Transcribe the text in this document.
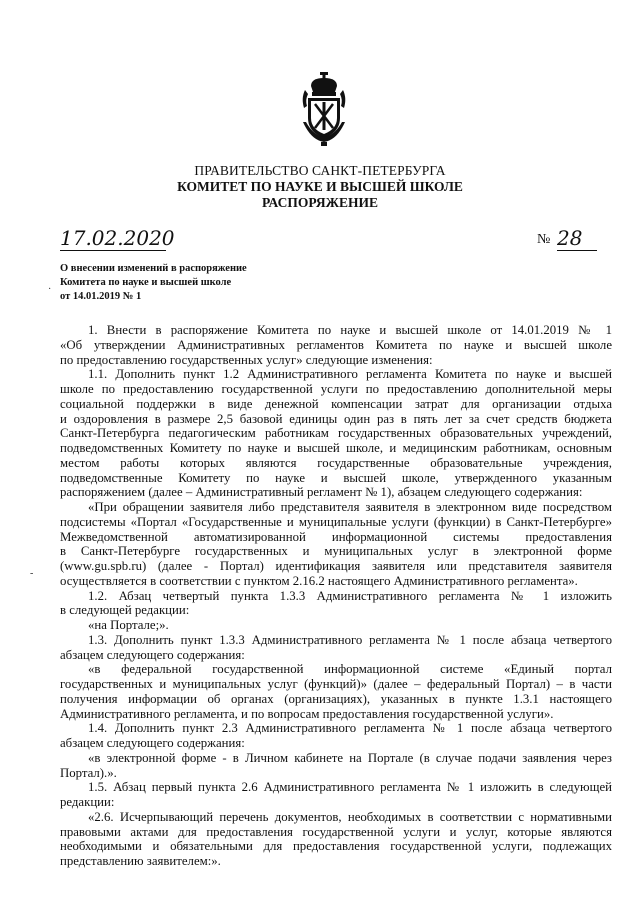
ПРАВИТЕЛЬСТВО САНКТ-ПЕТЕРБУРГА
КОМИТЕТ ПО НАУКЕ И ВЫСШЕЙ ШКОЛЕ
РАСПОРЯЖЕНИЕ
17.02.2020	№ 28
О внесении изменений в распоряжение
Комитета по науке и высшей школе
от 14.01.2019 № 1
·
-
1. Внести в распоряжение Комитета по науке и высшей школе от 14.01.2019 № 1
«Об утверждении Административных регламентов Комитета по науке и высшей школе
по предоставлению государственных услуг» следующие изменения:
1.1. Дополнить пункт 1.2 Административного регламента Комитета по науке и высшей
школе по предоставлению государственной услуги по предоставлению дополнительной меры
социальной поддержки в виде денежной компенсации затрат для организации отдыха
и оздоровления в размере 2,5 базовой единицы один раз в пять лет за счет средств бюджета
Санкт-Петербурга педагогическим работникам государственных образовательных учреждений,
подведомственных Комитету по науке и высшей школе, и медицинским работникам, основным
местом работы которых являются государственные образовательные учреждения,
подведомственные Комитету по науке и высшей школе, утвержденного указанным
распоряжением (далее – Административный регламент № 1), абзацем следующего содержания:
«При обращении заявителя либо представителя заявителя в электронном виде посредством
подсистемы «Портал «Государственные и муниципальные услуги (функции) в Санкт-Петербурге»
Межведомственной автоматизированной информационной системы предоставления
в Санкт-Петербурге государственных и муниципальных услуг в электронной форме
(www.gu.spb.ru) (далее - Портал) идентификация заявителя или представителя заявителя
осуществляется в соответствии с пунктом 2.16.2 настоящего Административного регламента».
1.2. Абзац четвертый пункта 1.3.3 Административного регламента № 1 изложить
в следующей редакции:
«на Портале;».
1.3. Дополнить пункт 1.3.3 Административного регламента № 1 после абзаца четвертого
абзацем следующего содержания:
«в федеральной государственной информационной системе «Единый портал
государственных и муниципальных услуг (функций)» (далее – федеральный Портал) – в части
получения информации об органах (организациях), указанных в пункте 1.3.1 настоящего
Административного регламента, и по вопросам предоставления государственной услуги».
1.4. Дополнить пункт 2.3 Административного регламента № 1 после абзаца четвертого
абзацем следующего содержания:
«в электронной форме - в Личном кабинете на Портале (в случае подачи заявления через
Портал).».
1.5. Абзац первый пункта 2.6 Административного регламента № 1 изложить в следующей
редакции:
«2.6. Исчерпывающий перечень документов, необходимых в соответствии с нормативными
правовыми актами для предоставления государственной услуги и услуг, которые являются
необходимыми и обязательными для предоставления государственной услуги, подлежащих
представлению заявителем:».
